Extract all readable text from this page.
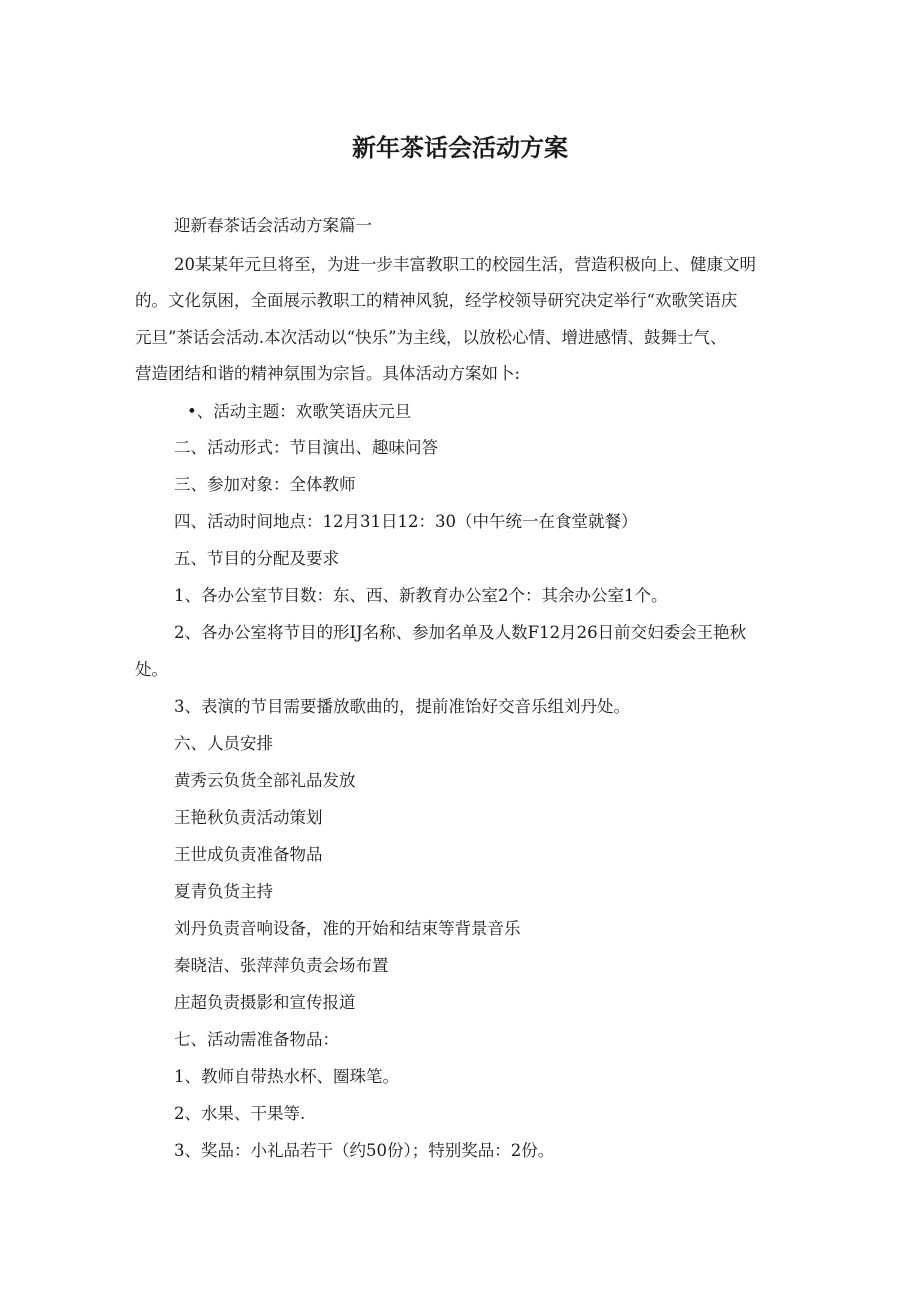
新年茶话会活动方案
迎新春茶话会活动方案篇一
20某某年元旦将至，为进一步丰富教职工的校园生活，营造积极向上、健康文明
的。文化氛困，全面展示教职工的精神风貌，经学校领导研究决定举行“欢歌笑语庆
元旦”茶话会活动.本次活动以“快乐”为主线，以放松心情、增进感情、鼓舞士气、
营造团结和谐的精神氛围为宗旨。具体活动方案如卜:
•、活动主题：欢歌笑语庆元旦
二、活动形式：节目演出、趣味问答
三、参加对象：全体教师
四、活动时间地点：12月31日12：30（中午统一在食堂就餐）
五、节目的分配及要求
1、各办公室节目数：东、西、新教育办公室2个：其余办公室1个。
2、各办公室将节目的形IJ名称、参加名单及人数F12月26日前交妇委会王艳秋
处。
3、表演的节目需要播放歌曲的，提前准饴好交音乐组刘丹处。
六、人员安排
黄秀云负货全部礼品发放
王艳秋负责活动策划
王世成负责准备物品
夏青负货主持
刘丹负责音响设备，准的开始和结束等背景音乐
秦晓洁、张萍萍负责会场布置
庄超负责摄影和宣传报道
七、活动需准备物品：
1、教师自带热水杯、圈珠笔。
2、水果、干果等.
3、奖品：小礼品若干（约50份）；特别奖品：2份。
